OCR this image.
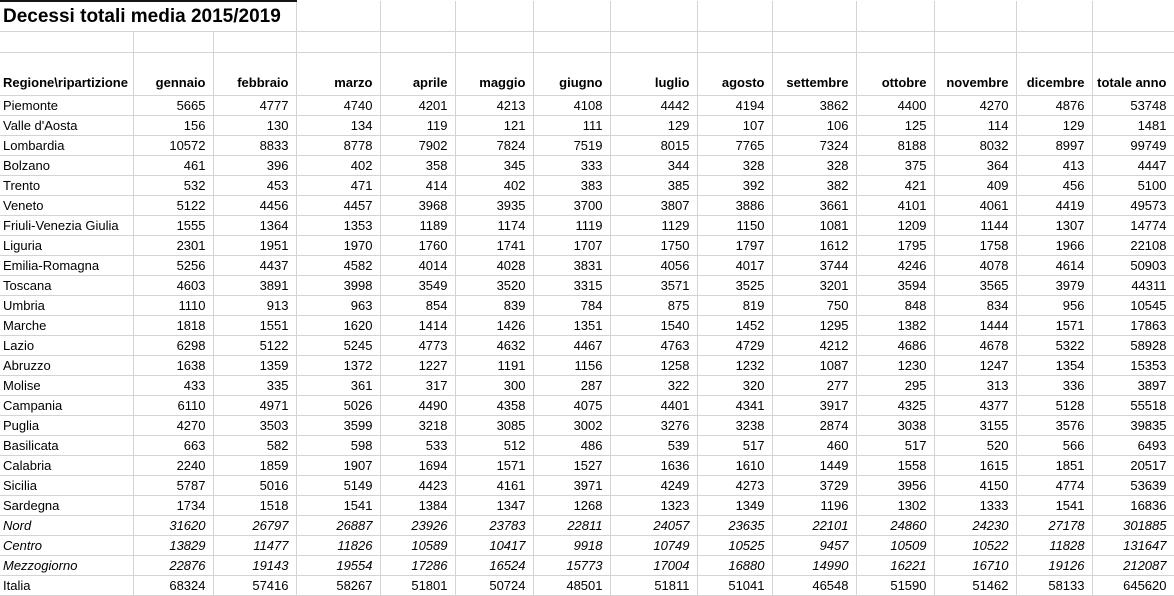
Decessi totali media 2015/2019													

Regione\ripartizione	gennaio	febbraio	marzo	aprile	maggio	giugno	luglio	agosto	settembre	ottobre	novembre	dicembre	totale anno
Piemonte	5665	4777	4740	4201	4213	4108	4442	4194	3862	4400	4270	4876	53748
Valle d'Aosta	156	130	134	119	121	111	129	107	106	125	114	129	1481
Lombardia	10572	8833	8778	7902	7824	7519	8015	7765	7324	8188	8032	8997	99749
Bolzano	461	396	402	358	345	333	344	328	328	375	364	413	4447
Trento	532	453	471	414	402	383	385	392	382	421	409	456	5100
Veneto	5122	4456	4457	3968	3935	3700	3807	3886	3661	4101	4061	4419	49573
Friuli-Venezia Giulia	1555	1364	1353	1189	1174	1119	1129	1150	1081	1209	1144	1307	14774
Liguria	2301	1951	1970	1760	1741	1707	1750	1797	1612	1795	1758	1966	22108
Emilia-Romagna	5256	4437	4582	4014	4028	3831	4056	4017	3744	4246	4078	4614	50903
Toscana	4603	3891	3998	3549	3520	3315	3571	3525	3201	3594	3565	3979	44311
Umbria	1110	913	963	854	839	784	875	819	750	848	834	956	10545
Marche	1818	1551	1620	1414	1426	1351	1540	1452	1295	1382	1444	1571	17863
Lazio	6298	5122	5245	4773	4632	4467	4763	4729	4212	4686	4678	5322	58928
Abruzzo	1638	1359	1372	1227	1191	1156	1258	1232	1087	1230	1247	1354	15353
Molise	433	335	361	317	300	287	322	320	277	295	313	336	3897
Campania	6110	4971	5026	4490	4358	4075	4401	4341	3917	4325	4377	5128	55518
Puglia	4270	3503	3599	3218	3085	3002	3276	3238	2874	3038	3155	3576	39835
Basilicata	663	582	598	533	512	486	539	517	460	517	520	566	6493
Calabria	2240	1859	1907	1694	1571	1527	1636	1610	1449	1558	1615	1851	20517
Sicilia	5787	5016	5149	4423	4161	3971	4249	4273	3729	3956	4150	4774	53639
Sardegna	1734	1518	1541	1384	1347	1268	1323	1349	1196	1302	1333	1541	16836
Nord	31620	26797	26887	23926	23783	22811	24057	23635	22101	24860	24230	27178	301885
Centro	13829	11477	11826	10589	10417	9918	10749	10525	9457	10509	10522	11828	131647
Mezzogiorno	22876	19143	19554	17286	16524	15773	17004	16880	14990	16221	16710	19126	212087
Italia	68324	57416	58267	51801	50724	48501	51811	51041	46548	51590	51462	58133	645620
